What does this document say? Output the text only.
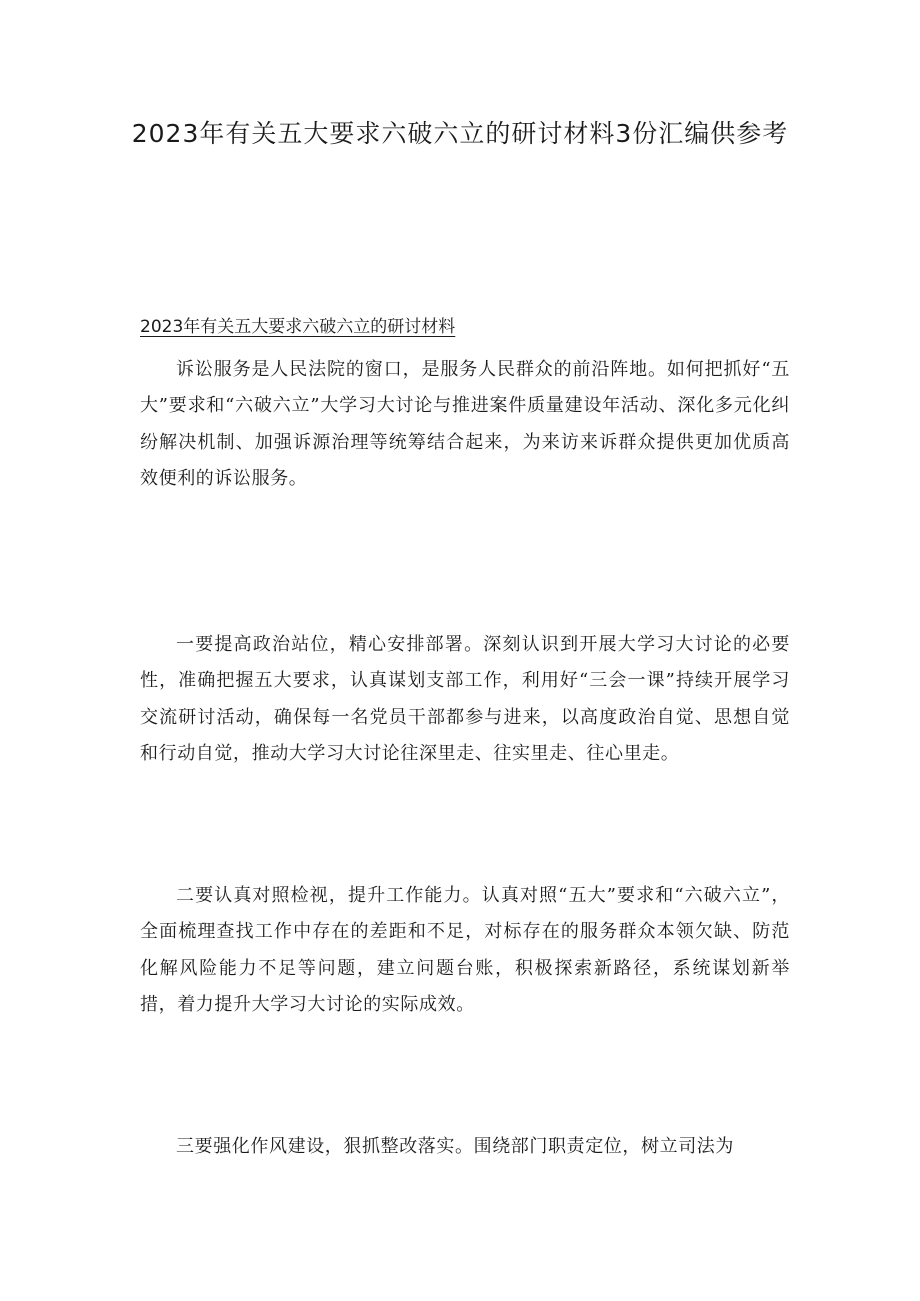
2023年有关五大要求六破六立的研讨材料3份汇编供参考
2023年有关五大要求六破六立的研讨材料

诉讼服务是人民法院的窗口，是服务人民群众的前沿阵地。如何把抓好“五大”要求和“六破六立”大学习大讨论与推进案件质量建设年活动、深化多元化纠纷解决机制、加强诉源治理等统筹结合起来，为来访来诉群众提供更加优质高效便利的诉讼服务。

一要提高政治站位，精心安排部署。深刻认识到开展大学习大讨论的必要性，准确把握五大要求，认真谋划支部工作，利用好“三会一课”持续开展学习交流研讨活动，确保每一名党员干部都参与进来，以高度政治自觉、思想自觉和行动自觉，推动大学习大讨论往深里走、往实里走、往心里走。

二要认真对照检视，提升工作能力。认真对照“五大”要求和“六破六立”，全面梳理查找工作中存在的差距和不足，对标存在的服务群众本领欠缺、防范化解风险能力不足等问题，建立问题台账，积极探索新路径，系统谋划新举措，着力提升大学习大讨论的实际成效。

三要强化作风建设，狠抓整改落实。围绕部门职责定位，树立司法为
